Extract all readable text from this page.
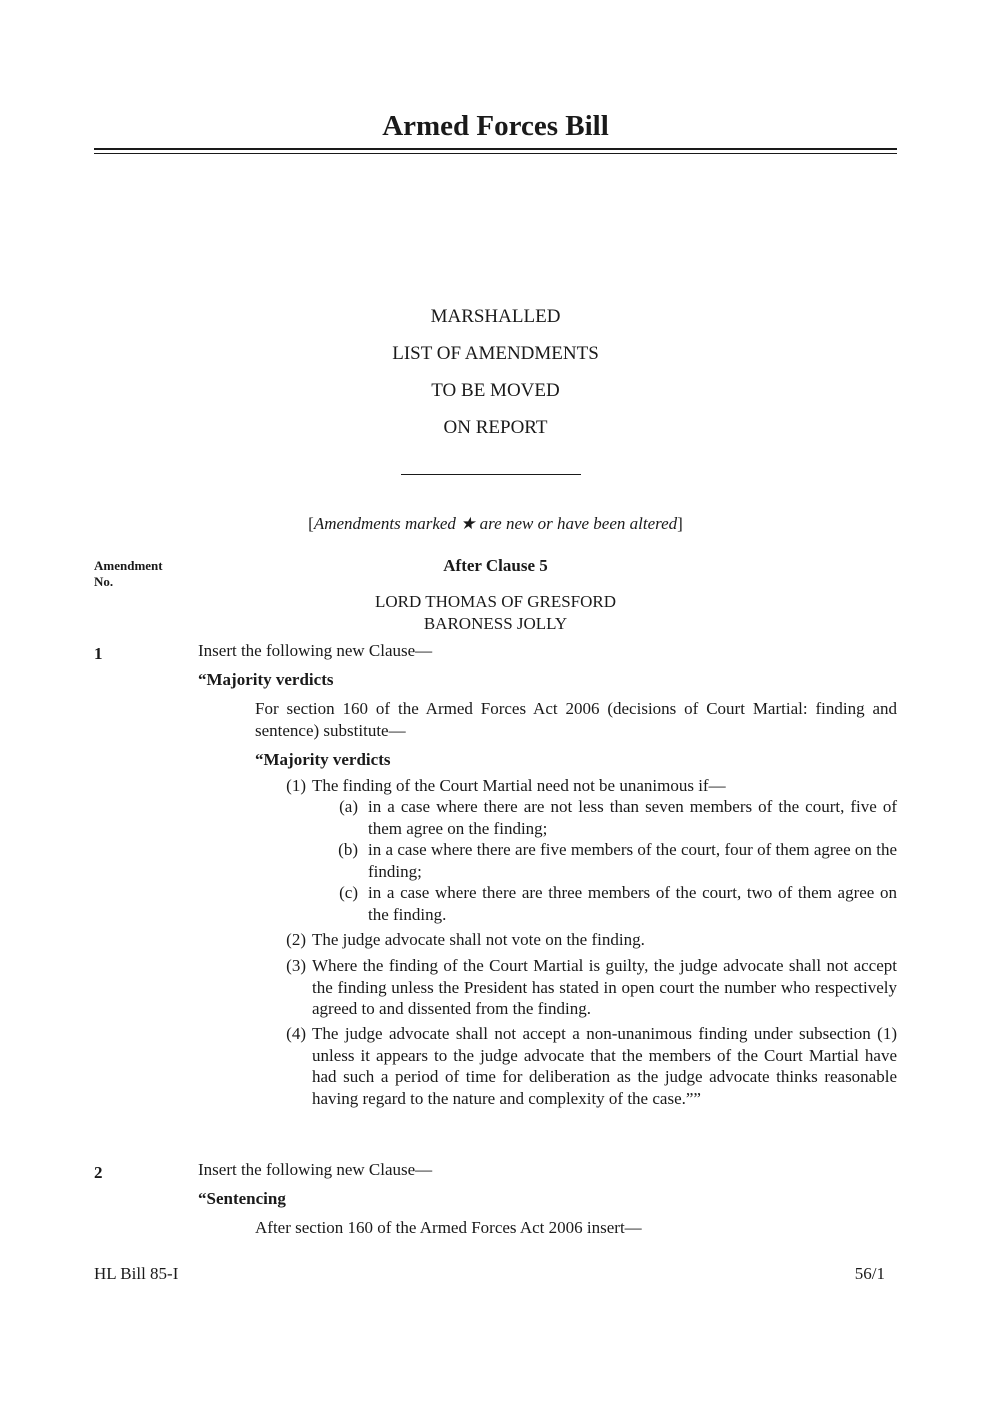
Armed Forces Bill
MARSHALLED
LIST OF AMENDMENTS
TO BE MOVED
ON REPORT
[Amendments marked ★ are new or have been altered]
Amendment
No.
After Clause 5
LORD THOMAS OF GRESFORD
BARONESS JOLLY
1	Insert the following new Clause—
“Majority verdicts
For section 160 of the Armed Forces Act 2006 (decisions of Court Martial: finding and sentence) substitute—
“Majority verdicts
(1) The finding of the Court Martial need not be unanimous if—
(a) in a case where there are not less than seven members of the court, five of them agree on the finding;
(b) in a case where there are five members of the court, four of them agree on the finding;
(c) in a case where there are three members of the court, two of them agree on the finding.
(2) The judge advocate shall not vote on the finding.
(3) Where the finding of the Court Martial is guilty, the judge advocate shall not accept the finding unless the President has stated in open court the number who respectively agreed to and dissented from the finding.
(4) The judge advocate shall not accept a non-unanimous finding under subsection (1) unless it appears to the judge advocate that the members of the Court Martial have had such a period of time for deliberation as the judge advocate thinks reasonable having regard to the nature and complexity of the case.””
2	Insert the following new Clause—
“Sentencing
After section 160 of the Armed Forces Act 2006 insert—
HL Bill 85-I	56/1
